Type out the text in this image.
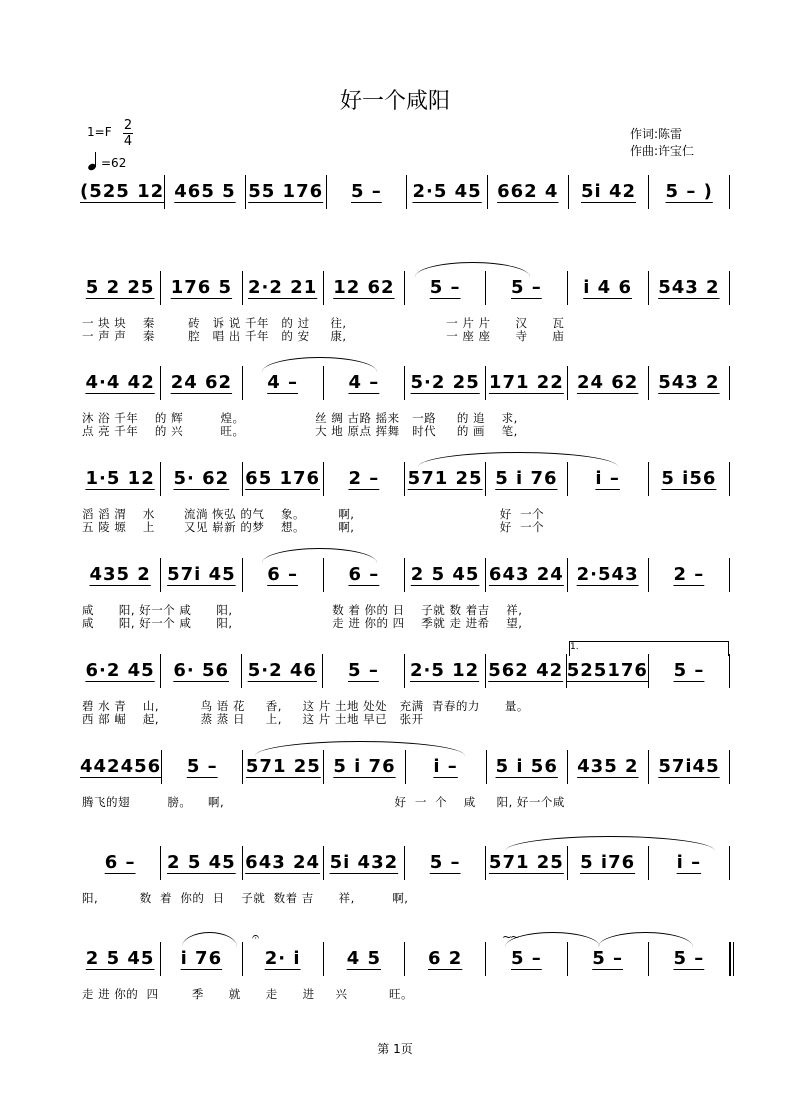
好一个咸阳
1=F 2
4
=62
作词:陈雷
作曲:许宝仁
(525 12 465 5 55 176	5 –	2·5 45 662 4	5i 42	5 – )
5 2 25 176 5 2·2 21 12 62	5 –	5 –	i 4 6	543 2
一 块 块    秦        砖   诉 说 千年   的 过     往,                        一 片 片      汉      瓦
一 声 声    秦        腔   唱 出 千年   的 安     康,                        一 座 座      寺      庙
4·4 42 24 62	4 –	4 –	5·2 25 171 22 24 62	543 2
沐 浴 千年    的 辉         煌。                 丝 绸 古路 摇来   一路     的 追    求,
点 亮 千年    的 兴         旺。                 大 地 原点 挥舞   时代     的 画    笔,
1·5 12	5· 62 65 176	2 –	571 25 5 i 76	i –	5 i56
滔 滔 渭    水       流淌 恢弘 的气    象。        啊,                                   好  一个
五 陵 塬    上       又见 崭新 的梦    想。        啊,                                   好  一个
435 2 57i 45	6 –	6 –	2 5 45 643 24 2·543	2 –
咸      阳, 好一个 咸      阳,                        数 着 你的 日    子就 数 着吉    祥,
咸      阳, 好一个 咸      阳,                        走 进 你的 四    季就 走 进希    望,
1.
6·2 45	6· 56	5·2 46	5 –	2·5 12 562 42 525176	5 –
碧 水 青    山,          鸟 语 花     香,     这 片 土地 处处   充满  青春的力      量。
西 部 崛    起,          蒸 蒸 日     上,     这 片 土地 早已   张开
442456	5 –	571 25 5 i 76	i –	5 i 56	435 2	57i45
腾飞的翅         膀。    啊,                                         好  一  个    咸     阳, 好一个咸
6 –	2 5 45 643 24 5i 432	5 –	571 25 5 i76	i –
阳,          数  着  你的  日    子就  数着 吉      祥,         啊,
𝄐	~~
2 5 45	i 76	2· i	4 5	6 2	5 –	5 –	5 –
走 进 你的  四        季      就      走      进     兴          旺。
第 1页
